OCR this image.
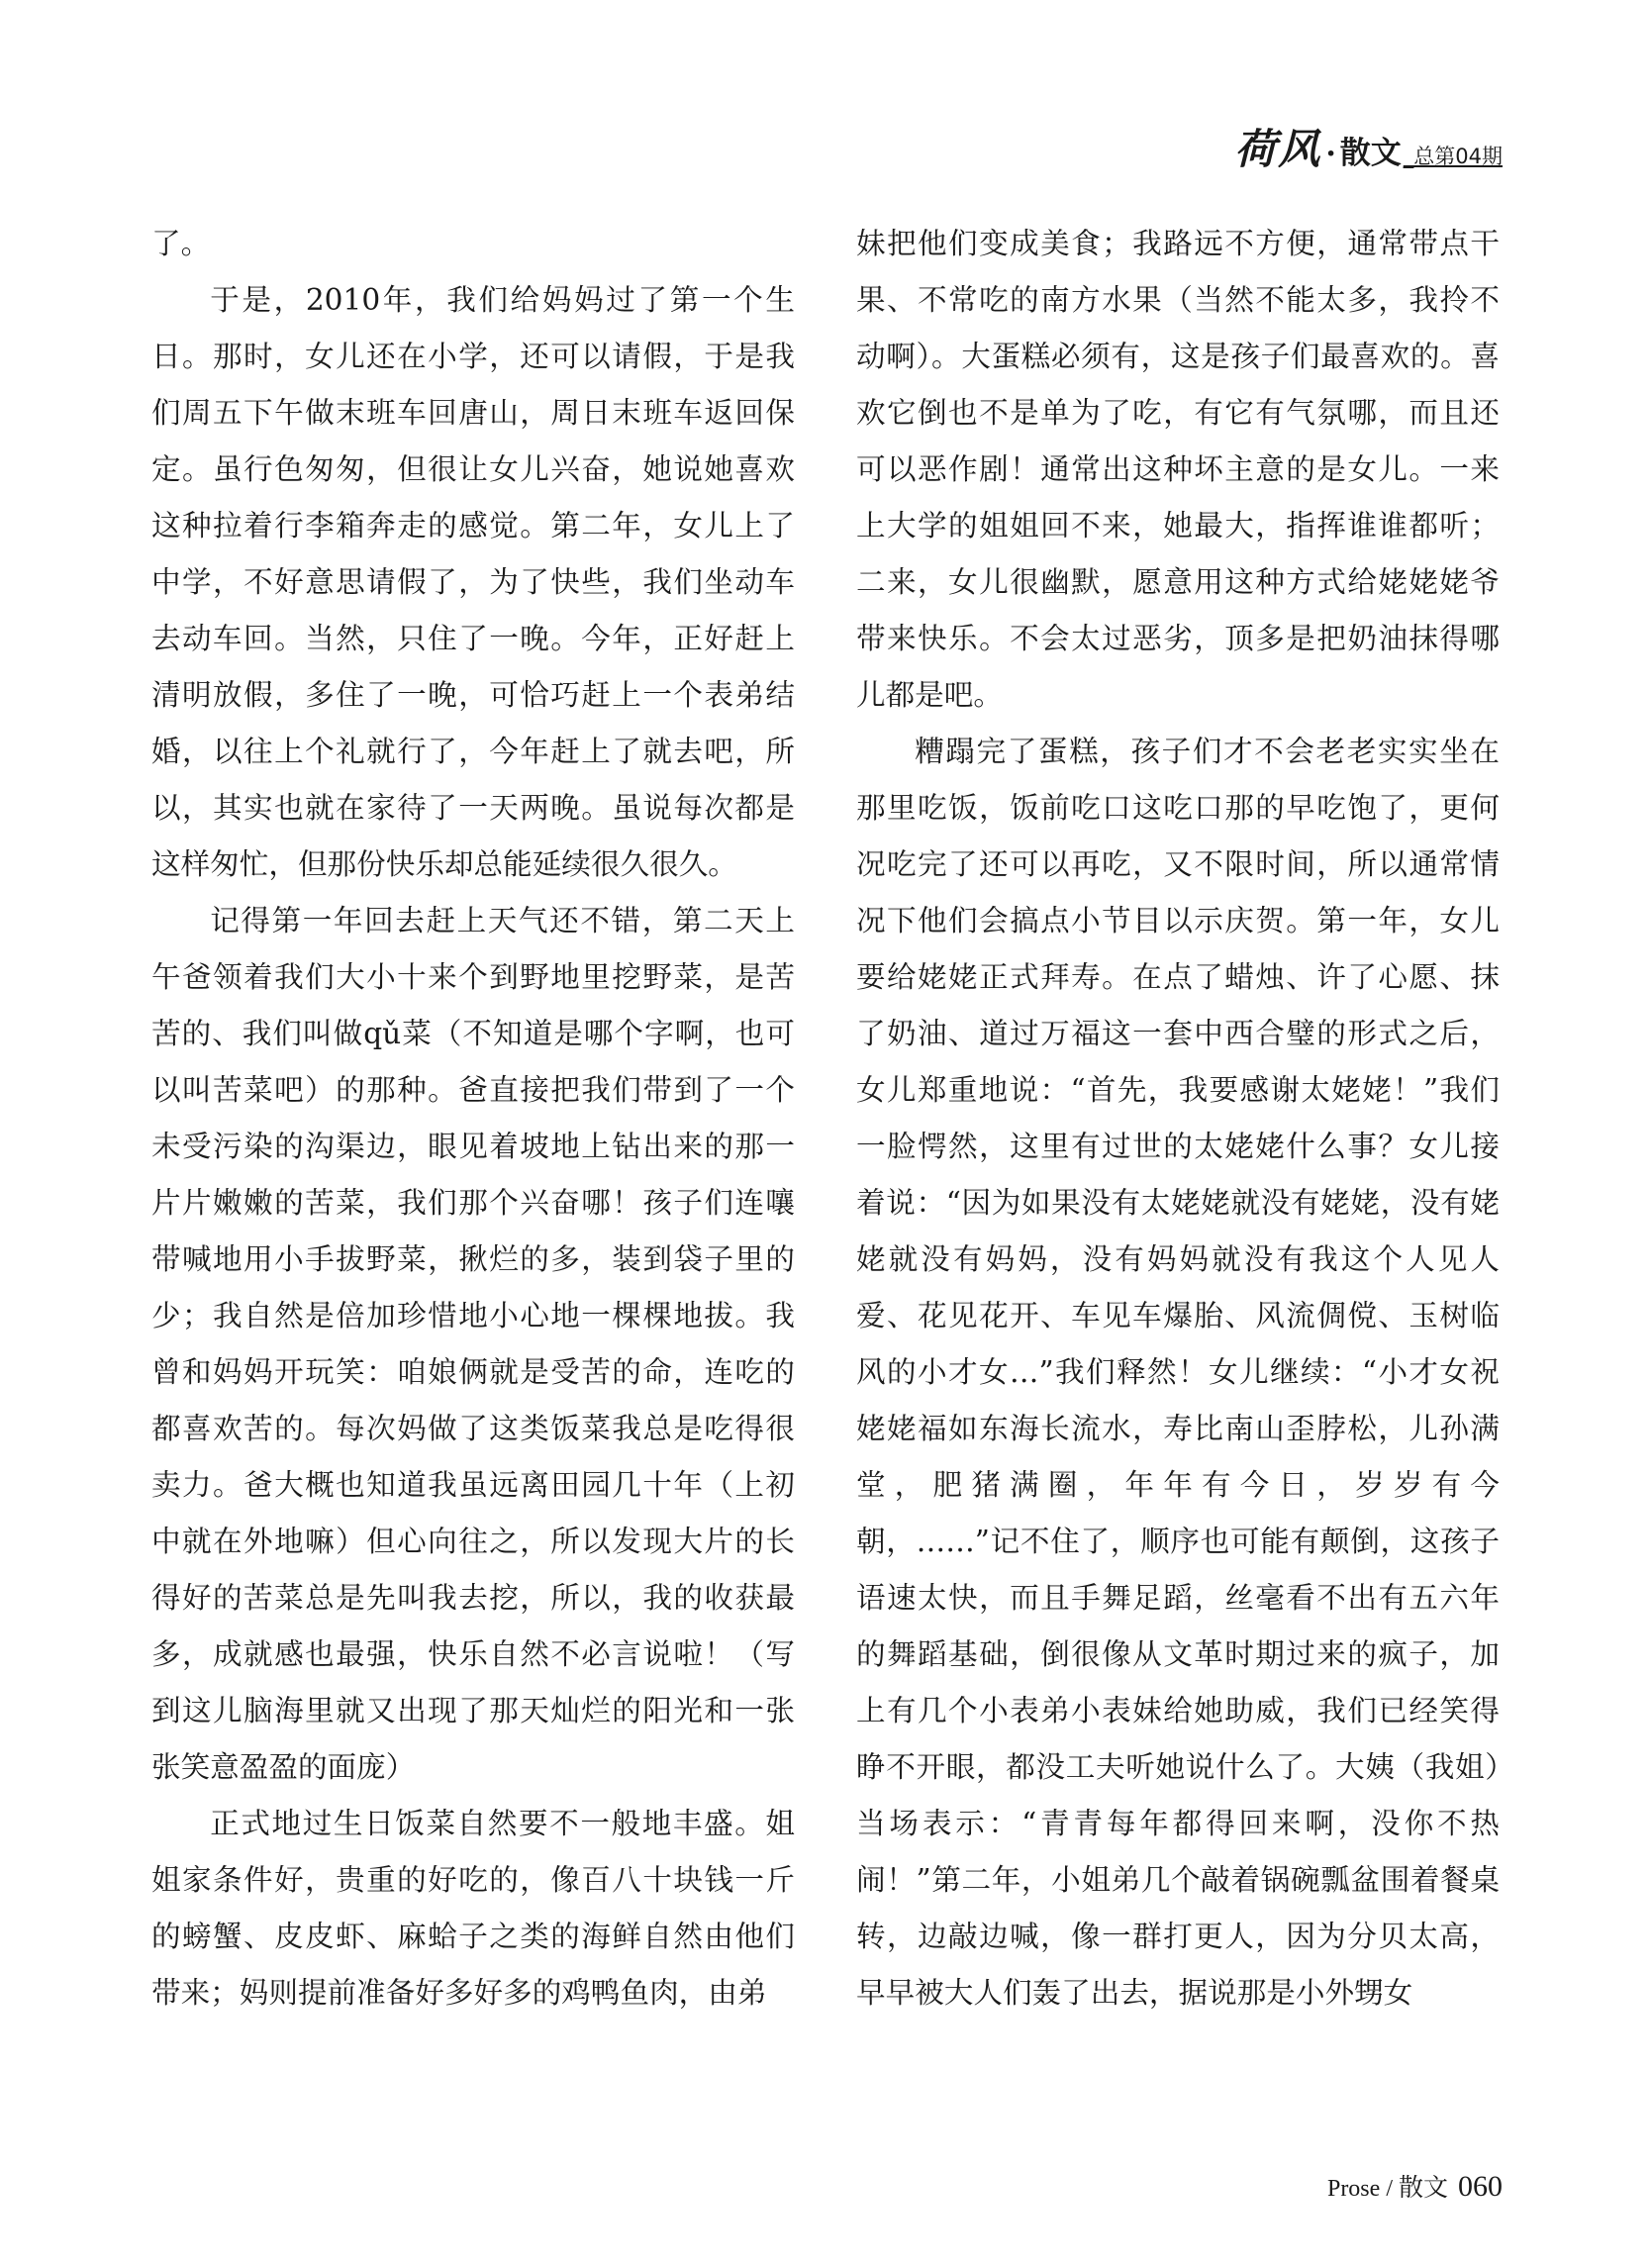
荷风 · 散文 _总第04期

了。

于是，2010年，我们给妈妈过了第一个生日。那时，女儿还在小学，还可以请假，于是我们周五下午做末班车回唐山，周日末班车返回保定。虽行色匆匆，但很让女儿兴奋，她说她喜欢这种拉着行李箱奔走的感觉。第二年，女儿上了中学，不好意思请假了，为了快些，我们坐动车去动车回。当然，只住了一晚。今年，正好赶上清明放假，多住了一晚，可恰巧赶上一个表弟结婚，以往上个礼就行了，今年赶上了就去吧，所以，其实也就在家待了一天两晚。虽说每次都是这样匆忙，但那份快乐却总能延续很久很久。

记得第一年回去赶上天气还不错，第二天上午爸领着我们大小十来个到野地里挖野菜，是苦苦的、我们叫做qǔ菜（不知道是哪个字啊，也可以叫苦菜吧）的那种。爸直接把我们带到了一个未受污染的沟渠边，眼见着坡地上钻出来的那一片片嫩嫩的苦菜，我们那个兴奋哪！孩子们连嚷带喊地用小手拔野菜，揪烂的多，装到袋子里的少；我自然是倍加珍惜地小心地一棵棵地拔。我曾和妈妈开玩笑：咱娘俩就是受苦的命，连吃的都喜欢苦的。每次妈做了这类饭菜我总是吃得很卖力。爸大概也知道我虽远离田园几十年（上初中就在外地嘛）但心向往之，所以发现大片的长得好的苦菜总是先叫我去挖，所以，我的收获最多，成就感也最强，快乐自然不必言说啦！（写到这儿脑海里就又出现了那天灿烂的阳光和一张张笑意盈盈的面庞）

正式地过生日饭菜自然要不一般地丰盛。姐姐家条件好，贵重的好吃的，像百八十块钱一斤的螃蟹、皮皮虾、麻蛤子之类的海鲜自然由他们带来；妈则提前准备好多好多的鸡鸭鱼肉，由弟

妹把他们变成美食；我路远不方便，通常带点干果、不常吃的南方水果（当然不能太多，我拎不动啊）。大蛋糕必须有，这是孩子们最喜欢的。喜欢它倒也不是单为了吃，有它有气氛哪，而且还可以恶作剧！通常出这种坏主意的是女儿。一来上大学的姐姐回不来，她最大，指挥谁谁都听；二来，女儿很幽默，愿意用这种方式给姥姥姥爷带来快乐。不会太过恶劣，顶多是把奶油抹得哪儿都是吧。

糟蹋完了蛋糕，孩子们才不会老老实实坐在那里吃饭，饭前吃口这吃口那的早吃饱了，更何况吃完了还可以再吃，又不限时间，所以通常情况下他们会搞点小节目以示庆贺。第一年，女儿要给姥姥正式拜寿。在点了蜡烛、许了心愿、抹了奶油、道过万福这一套中西合璧的形式之后，女儿郑重地说：“首先，我要感谢太姥姥！”我们一脸愕然，这里有过世的太姥姥什么事？女儿接着说：“因为如果没有太姥姥就没有姥姥，没有姥姥就没有妈妈，没有妈妈就没有我这个人见人爱、花见花开、车见车爆胎、风流倜傥、玉树临风的小才女…”我们释然！女儿继续：“小才女祝姥姥福如东海长流水，寿比南山歪脖松，儿孙满堂，肥猪满圈，年年有今日，岁岁有今朝，……”记不住了，顺序也可能有颠倒，这孩子语速太快，而且手舞足蹈，丝毫看不出有五六年的舞蹈基础，倒很像从文革时期过来的疯子，加上有几个小表弟小表妹给她助威，我们已经笑得睁不开眼，都没工夫听她说什么了。大姨（我姐）当场表示：“青青每年都得回来啊，没你不热闹！”第二年，小姐弟几个敲着锅碗瓢盆围着餐桌转，边敲边喊，像一群打更人，因为分贝太高，早早被大人们轰了出去，据说那是小外甥女

Prose / 散文 060
